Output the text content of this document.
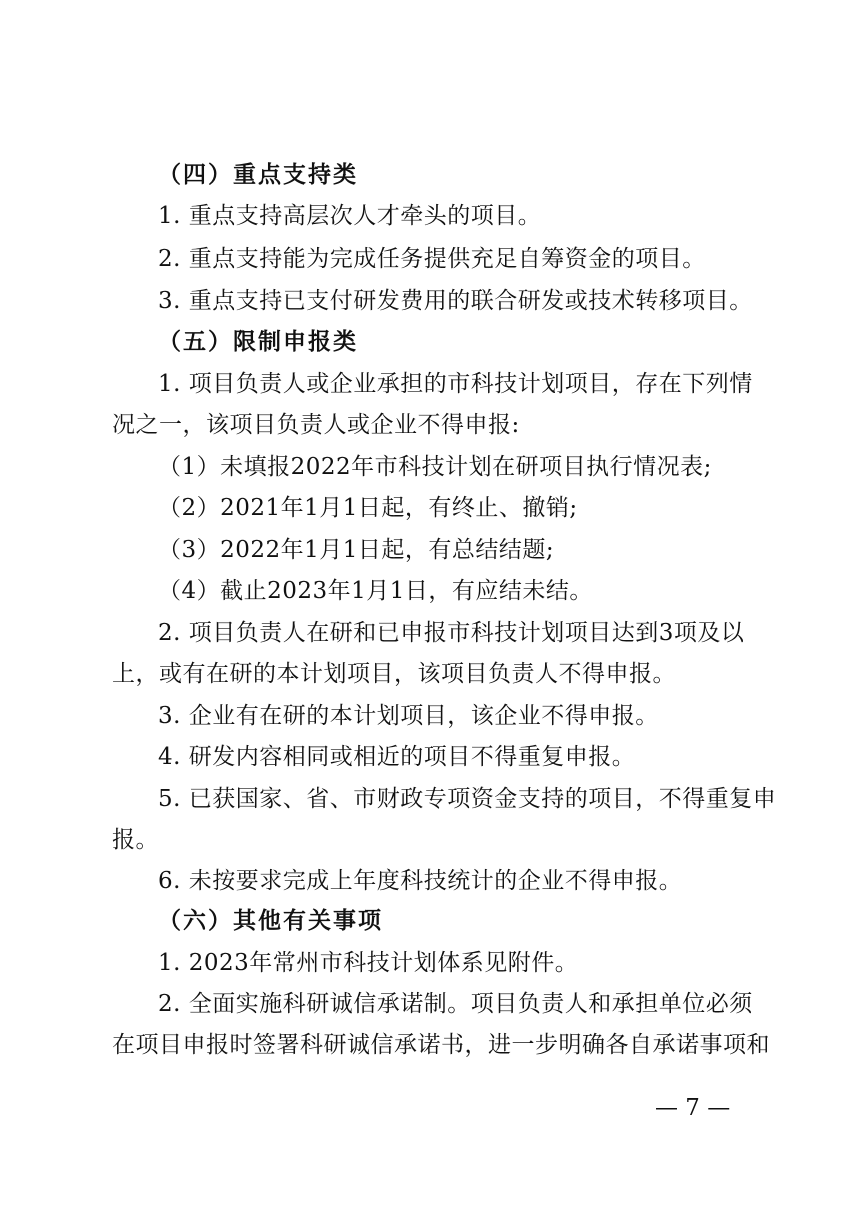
（四）重点支持类
1. 重点支持高层次人才牵头的项目。
2. 重点支持能为完成任务提供充足自筹资金的项目。
3. 重点支持已支付研发费用的联合研发或技术转移项目。
（五）限制申报类
1. 项目负责人或企业承担的市科技计划项目，存在下列情
况之一，该项目负责人或企业不得申报:
（1）未填报2022年市科技计划在研项目执行情况表;
（2）2021年1月1日起，有终止、撤销;
（3）2022年1月1日起，有总结结题;
（4）截止2023年1月1日，有应结未结。
2. 项目负责人在研和已申报市科技计划项目达到3项及以
上，或有在研的本计划项目，该项目负责人不得申报。
3. 企业有在研的本计划项目，该企业不得申报。
4. 研发内容相同或相近的项目不得重复申报。
5. 已获国家、省、市财政专项资金支持的项目，不得重复申
报。
6. 未按要求完成上年度科技统计的企业不得申报。
（六）其他有关事项
1. 2023年常州市科技计划体系见附件。
2. 全面实施科研诚信承诺制。项目负责人和承担单位必须
在项目申报时签署科研诚信承诺书，进一步明确各自承诺事项和
— 7 —
